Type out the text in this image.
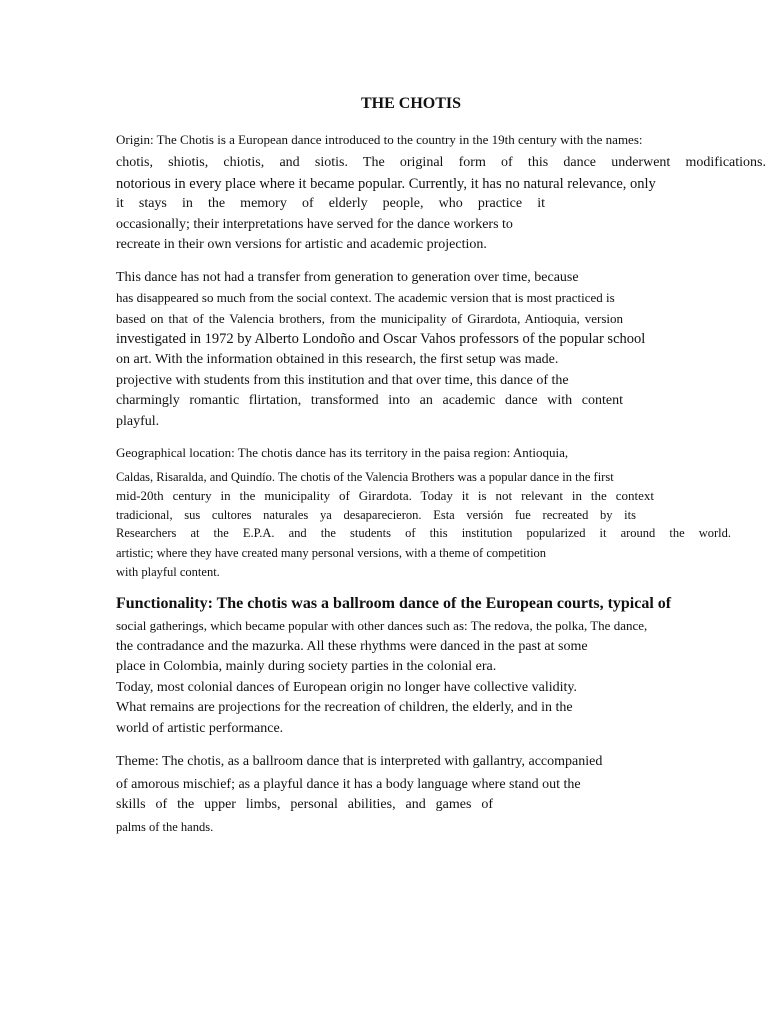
THE CHOTIS
Origin: The Chotis is a European dance introduced to the country in the 19th century with the names:
chotis, shiotis, chiotis, and siotis. The original form of this dance underwent modifications.
notorious in every place where it became popular. Currently, it has no natural relevance, only
it stays in the memory of elderly people, who practice it
occasionally; their interpretations have served for the dance workers to
recreate in their own versions for artistic and academic projection.
This dance has not had a transfer from generation to generation over time, because
has disappeared so much from the social context. The academic version that is most practiced is
based on that of the Valencia brothers, from the municipality of Girardota, Antioquia, version
investigated in 1972 by Alberto Londoño and Oscar Vahos professors of the popular school
on art. With the information obtained in this research, the first setup was made.
projective with students from this institution and that over time, this dance of the
charmingly romantic flirtation, transformed into an academic dance with content
playful.
Geographical location: The chotis dance has its territory in the paisa region: Antioquia,
Caldas, Risaralda, and Quindío. The chotis of the Valencia Brothers was a popular dance in the first
mid-20th century in the municipality of Girardota. Today it is not relevant in the context
tradicional, sus cultores naturales ya desaparecieron. Esta versión fue recreated by its
Researchers at the E.P.A. and the students of this institution popularized it around the world.
artistic; where they have created many personal versions, with a theme of competition
with playful content.
Functionality: The chotis was a ballroom dance of the European courts, typical of
social gatherings, which became popular with other dances such as: The redova, the polka, The dance,
the contradance and the mazurka. All these rhythms were danced in the past at some
place in Colombia, mainly during society parties in the colonial era.
Today, most colonial dances of European origin no longer have collective validity.
What remains are projections for the recreation of children, the elderly, and in the
world of artistic performance.
Theme: The chotis, as a ballroom dance that is interpreted with gallantry, accompanied
of amorous mischief; as a playful dance it has a body language where stand out the
skills of the upper limbs, personal abilities, and games of
palms of the hands.
